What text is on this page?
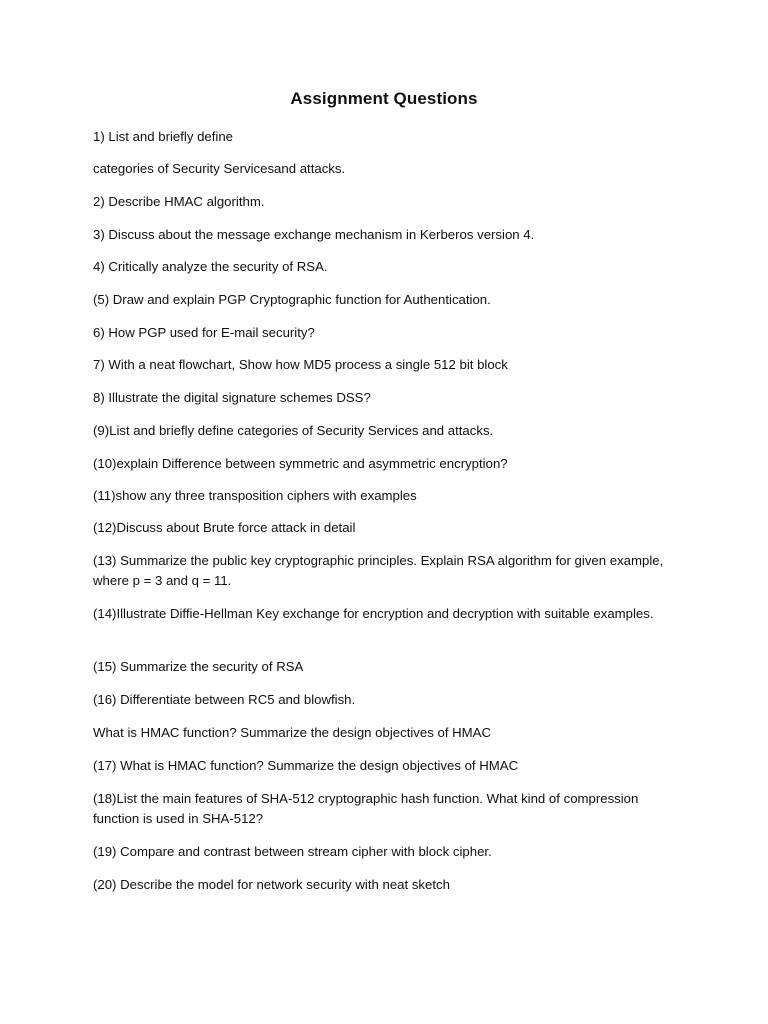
Assignment Questions
1) List and briefly define
categories of Security Servicesand attacks.
2) Describe HMAC algorithm.
3) Discuss about the message exchange mechanism in Kerberos version 4.
4) Critically analyze the security of RSA.
(5) Draw and explain PGP Cryptographic function for Authentication.
6) How PGP used for E-mail security?
7) With a neat flowchart, Show how MD5 process a single 512 bit block
8) Illustrate the digital signature schemes DSS?
(9)List and briefly define categories of Security Services and attacks.
(10)explain Difference between symmetric and asymmetric encryption?
(11)show any three transposition ciphers with examples
(12)Discuss about Brute force attack in detail
(13) Summarize the public key cryptographic principles. Explain RSA algorithm for given example, where p = 3 and q = 11.
(14)Illustrate Diffie-Hellman Key exchange for encryption and decryption with suitable examples.
(15) Summarize the security of RSA
(16) Differentiate between RC5 and blowfish.
What is HMAC function? Summarize the design objectives of HMAC
(17) What is HMAC function? Summarize the design objectives of HMAC
(18)List the main features of SHA-512 cryptographic hash function. What kind of compression function is used in SHA-512?
(19) Compare and contrast between stream cipher with block cipher.
(20) Describe the model for network security with neat sketch
